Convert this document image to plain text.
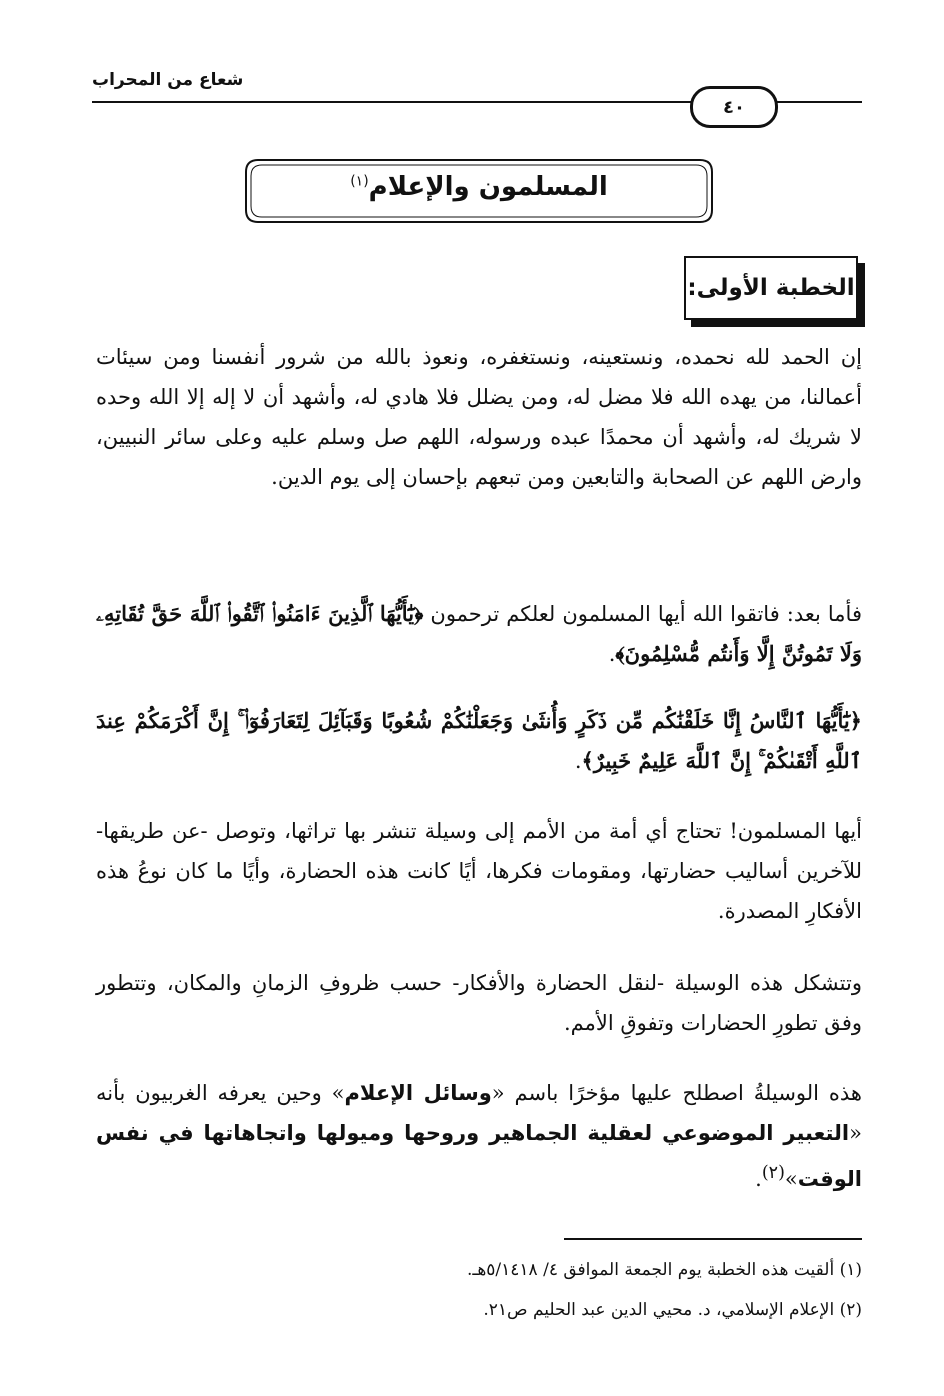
شعاع من المحراب
٤٠
المسلمون والإعلام$^{(١)}$
الخطبة الأولى:
إن الحمد لله نحمده، ونستعينه، ونستغفره، ونعوذ بالله من شرور أنفسنا ومن سيئات أعمالنا، من يهده الله فلا مضل له، ومن يضلل فلا هادي له، وأشهد أن لا إله إلا الله وحده لا شريك له، وأشهد أن محمدًا عبده ورسوله، اللهم صل وسلم عليه وعلى سائر النبيين، وارض اللهم عن الصحابة والتابعين ومن تبعهم بإحسان إلى يوم الدين.
فأما بعد: فاتقوا الله أيها المسلمون لعلكم ترحمون ﴿يَٰٓأَيُّهَا ٱلَّذِينَ ءَامَنُوا۟ ٱتَّقُوا۟ ٱللَّهَ حَقَّ تُقَاتِهِۦ وَلَا تَمُوتُنَّ إِلَّا وَأَنتُم مُّسْلِمُونَ﴾.
﴿يَٰٓأَيُّهَا ٱلنَّاسُ إِنَّا خَلَقْنَٰكُم مِّن ذَكَرٍ وَأُنثَىٰ وَجَعَلْنَٰكُمْ شُعُوبًا وَقَبَآئِلَ لِتَعَارَفُوٓا۟ ۚ إِنَّ أَكْرَمَكُمْ عِندَ ٱللَّهِ أَتْقَىٰكُمْ ۚ إِنَّ ٱللَّهَ عَلِيمٌ خَبِيرٌ﴾.
أيها المسلمون! تحتاج أي أمة من الأمم إلى وسيلة تنشر بها تراثها، وتوصل -عن طريقها- للآخرين أساليب حضارتها، ومقومات فكرها، أيًا كانت هذه الحضارة، وأيًا ما كان نوعُ هذه الأفكارِ المصدرة.
وتتشكل هذه الوسيلة -لنقل الحضارة والأفكار- حسب ظروفِ الزمانِ والمكان، وتتطور وفق تطورِ الحضارات وتفوقِ الأمم.
هذه الوسيلةُ اصطلح عليها مؤخرًا باسم «وسائل الإعلام» وحين يعرفه الغربيون بأنه «التعبير الموضوعي لعقلية الجماهير وروحها وميولها واتجاهاتها في نفس الوقت»$^{(٢)}$.
(١) ألقيت هذه الخطبة يوم الجمعة الموافق ٤/ ٥/١٤١٨هـ.
(٢) الإعلام الإسلامي، د. محيي الدين عبد الحليم ص٢١.
